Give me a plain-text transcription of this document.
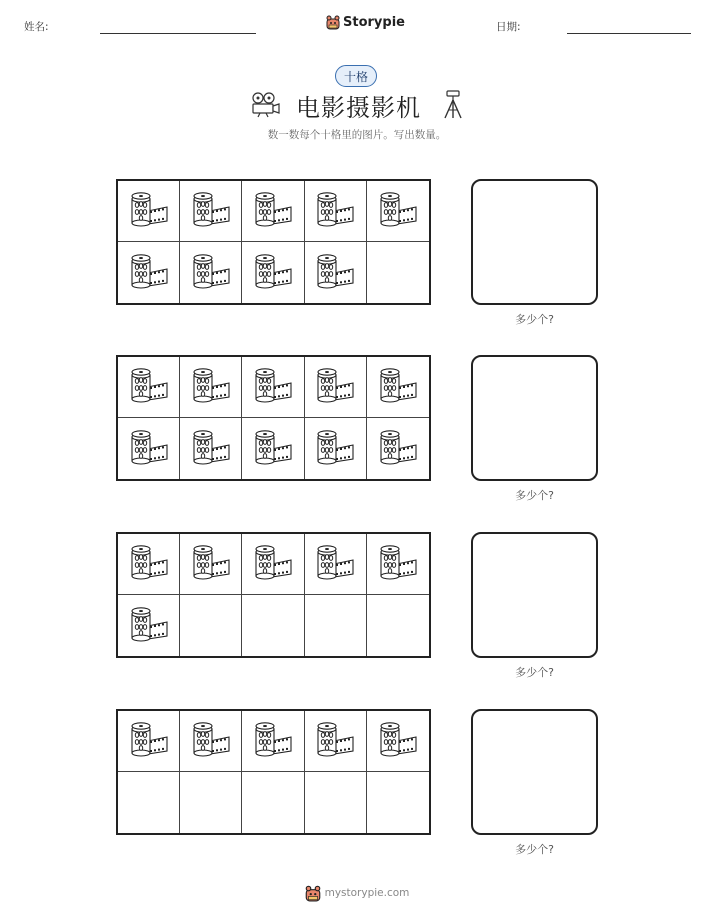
姓名:	Storypie	日期:
十格
电影摄影机
数一数每个十格里的图片。写出数量。
多少个?
多少个?
多少个?
多少个?
mystorypie.com
